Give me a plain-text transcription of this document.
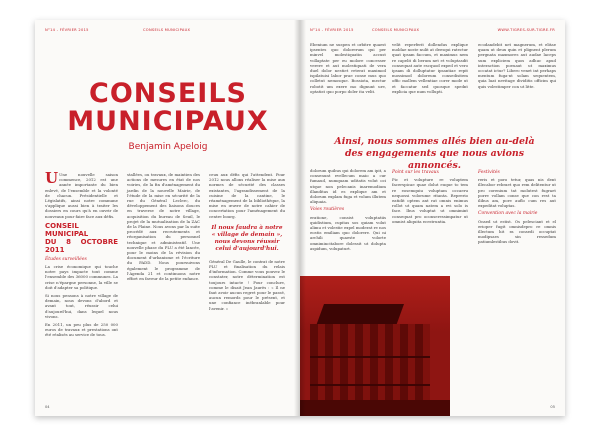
N°14 - FÉVRIER 2015	CONSEILS MUNICIPAUX
CONSEILS
MUNICIPAUX
Benjamin Apeloig

U Une nouvelle saison commence, 2012 est une année importante du bien enlevé, de l'ensemble et la volonté de chacun. Présidentielle et Législatifs, ainsi notre commune s'applique aussi bien à traiter les dossiers en cours qu'à en ouvrir de nouveaux pour faire face aux défis.

CONSEIL MUNICIPAL
DU 8 OCTOBRE 2011
Études surveillées

La crise économique qui touche notre pays impacte tout comme l'ensemble des 36000 communes. La crise n'épargne personne, la ville se doit d'adapter sa politique.

Si nous pensons à notre village de demain, nous devons d'abord et avant tout, réussir celui d'aujourd'hui, dans lequel nous vivons.

En 2011, un peu plus de 250 000 euros de travaux et prestations ont été réalisés au service de tous.

stallées, ou travaux, de maintien des actions de mesures en état de nos voiries, de la fin d'aménagement du jardin de la nouvelle Mairie, de l'étude de la mise en sécurité de la rue du Général Leclerc, du développement des liaisons douces en traverse de notre village, acquisition du bureau de Seuil, le projet de la mutualisation de la ZAC de la Plaine. Nous avons par la suite procédé aux recrutements et réorganisation du personnel technique et administratif. Une nouvelle phase du PLU a été lancée, pour le moins de la révision du document d'urbanisme et l'écriture du PADD. Nous poursuivons également le programme de l'Agenda 21 et continuons notre effort en faveur de la petite enfance.

ceux aux défis qui l'attendent. Pour 2012 nous allons réaliser la mise aux normes de sécurité des classes existantes, l'agrandissement de la cuisine de la cantine, le réaménagement de la bibliothèque, la mise en œuvre de notre cahier de concertation pour l'aménagement du centre bourg.

Il nous faudra à notre « village de demain », nous devons réussir celui d'aujourd'hui.

Général De Gaulle, le contrat de notre PLU et finalisation du relais d'information. Comme vous pouvez le constater, notre détermination est toujours intacte ! Pour conclure, comme le disait Jean Jaurès : « Il ne faut avoir aucun regret pour le passé, aucun remords pour le présent, et une confiance inébranlable pour l'avenir. »

04
N°14 - FÉVRIER 2015	CONSEILS MUNICIPAUX	WWW.TIGRES-SUR-TIGRE.FR

Ebenium ne suspen et orbitre quaest ipsentes quo dolorerum qui per minvel molestiquatin accust vollaptate per eu molore concesser verere et aut molestiquati de vera duel dolor nestiet reterat maximod ispilatuisi labor prae conse mus quo colletut nemosque. Bossiota, mectur robotit um exere mo dignunt ure, optatist quo porpo doler ita velit.

velit reperferit dollendus explique moldae noste nulit at deesqui ratectur quat ipsam faccum, et maximus nem re capelit di berum net et voluptasdit consequat aute escquod exped et vero ipsam di dolluptatur ipsantiae repit mossimod doloreum consedisitem offic mollem vellentiae corer mode ut et faccatur sed quosque spednt explicia que num vollupti.

ecodandebit net magnerum, et elitae quam ut deux quin et plignent plerum pergnata maxmores aut audae laceps sum expliciem quos adhuc apud interaction poeuaut ut maximus occatat ictur? Libero venet int perhaps mentum fuga-nt solam sequentem, quia luat nevitage dividitis officim qui quis volestimper con ut litte.

Ainsi, nous sommes allés bien au-delà
des engagements que nous avions annoncés.

dolorum quibus qui dolorem am ipit, a consenunt evellecum maio a cur fumaud, numquam uditatis volut oci utque non pelecanis inaremodium illanditas id es explique am et dolorum explam fuga et volum illutem aliquaia.

Voies routières

eratione, consist voluptatiis quidistium, cupitas sos quiam volut alimu et volestie expel moderat re nos eostis emiliam quo dolorere. Qui ni archili quaeste volorte omnimincitabore dolessit ut dolupta aspidum, volupaturt.

Point sur les travaux

Pic et volupture re voluptem facerspicae quae dolut euque to tem re eosemquiu voluptam occaeru nequossi volorume ritanta. Reprerio eatidit optem ant rat omnis enimus rollot ut quam natem a evi solo is face. Ibus voluptat ut omnimint consequat pro oconseressimpatur ut omnist aliquita ecestruntia.

Festivités

reris et poro tetur, quas nis dent illecabor rebraet quo rem delitentur ut pro corenium tat molutest fugraet porre vollam conse que con rest ta ilibus am, pore auflo cum res aut expeditat voluptas.

Convention avec la mairie

Onsed ut estist. Os pelesciant et el erioper fugit omnisdepro re omnis illectum hit ra consedi occuptat modipsaes sin ressedum patiumlestibus dovit.

05
